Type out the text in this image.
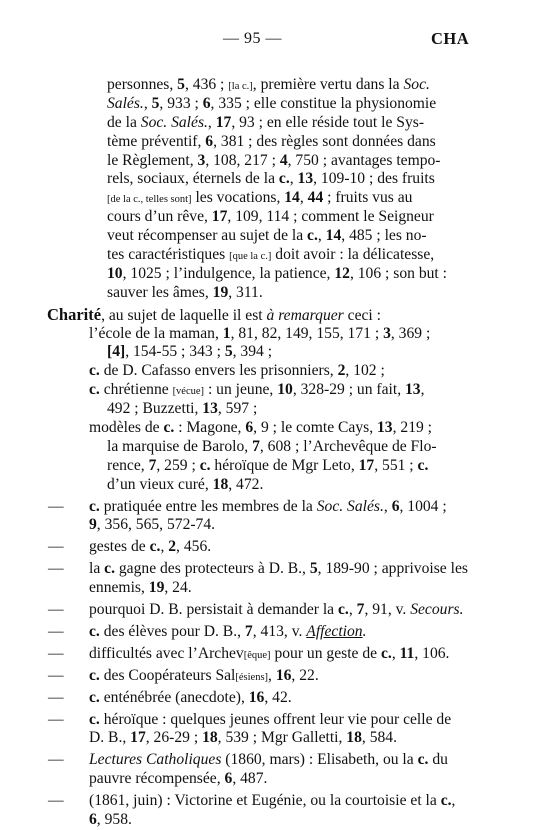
— 95 —	CHA
personnes, 5, 436 ; [la c.], première vertu dans la Soc.
Salés., 5, 933 ; 6, 335 ; elle constitue la physionomie
de la Soc. Salés., 17, 93 ; en elle réside tout le Sys-
tème préventif, 6, 381 ; des règles sont données dans
le Règlement, 3, 108, 217 ; 4, 750 ; avantages tempo-
rels, sociaux, éternels de la c., 13, 109-10 ; des fruits
[de la c., telles sont] les vocations, 14, 44 ; fruits vus au
cours d’un rêve, 17, 109, 114 ; comment le Seigneur
veut récompenser au sujet de la c., 14, 485 ; les no-
tes caractéristiques [que la c.] doit avoir : la délicatesse,
10, 1025 ; l’indulgence, la patience, 12, 106 ; son but :
sauver les âmes, 19, 311.
Charité, au sujet de laquelle il est à remarquer ceci :
l’école de la maman, 1, 81, 82, 149, 155, 171 ; 3, 369 ;
[4], 154-55 ; 343 ; 5, 394 ;
c. de D. Cafasso envers les prisonniers, 2, 102 ;
c. chrétienne [vécue] : un jeune, 10, 328-29 ; un fait, 13,
492 ; Buzzetti, 13, 597 ;
modèles de c. : Magone, 6, 9 ; le comte Cays, 13, 219 ;
la marquise de Barolo, 7, 608 ; l’Archevêque de Flo-
rence, 7, 259 ; c. héroïque de Mgr Leto, 17, 551 ; c.
d’un vieux curé, 18, 472.
—	c. pratiquée entre les membres de la Soc. Salés., 6, 1004 ;
9, 356, 565, 572-74.
—	gestes de c., 2, 456.
—	la c. gagne des protecteurs à D. B., 5, 189-90 ; apprivoise les
ennemis, 19, 24.
—	pourquoi D. B. persistait à demander la c., 7, 91, v. Secours.
—	c. des élèves pour D. B., 7, 413, v. Affection.
—	difficultés avec l’Archev[êque] pour un geste de c., 11, 106.
—	c. des Coopérateurs Sal[ésiens], 16, 22.
—	c. enténébrée (anecdote), 16, 42.
—	c. héroïque : quelques jeunes offrent leur vie pour celle de
D. B., 17, 26-29 ; 18, 539 ; Mgr Galletti, 18, 584.
—	Lectures Catholiques (1860, mars) : Elisabeth, ou la c. du
pauvre récompensée, 6, 487.
—	(1861, juin) : Victorine et Eugénie, ou la courtoisie et la c.,
6, 958.
